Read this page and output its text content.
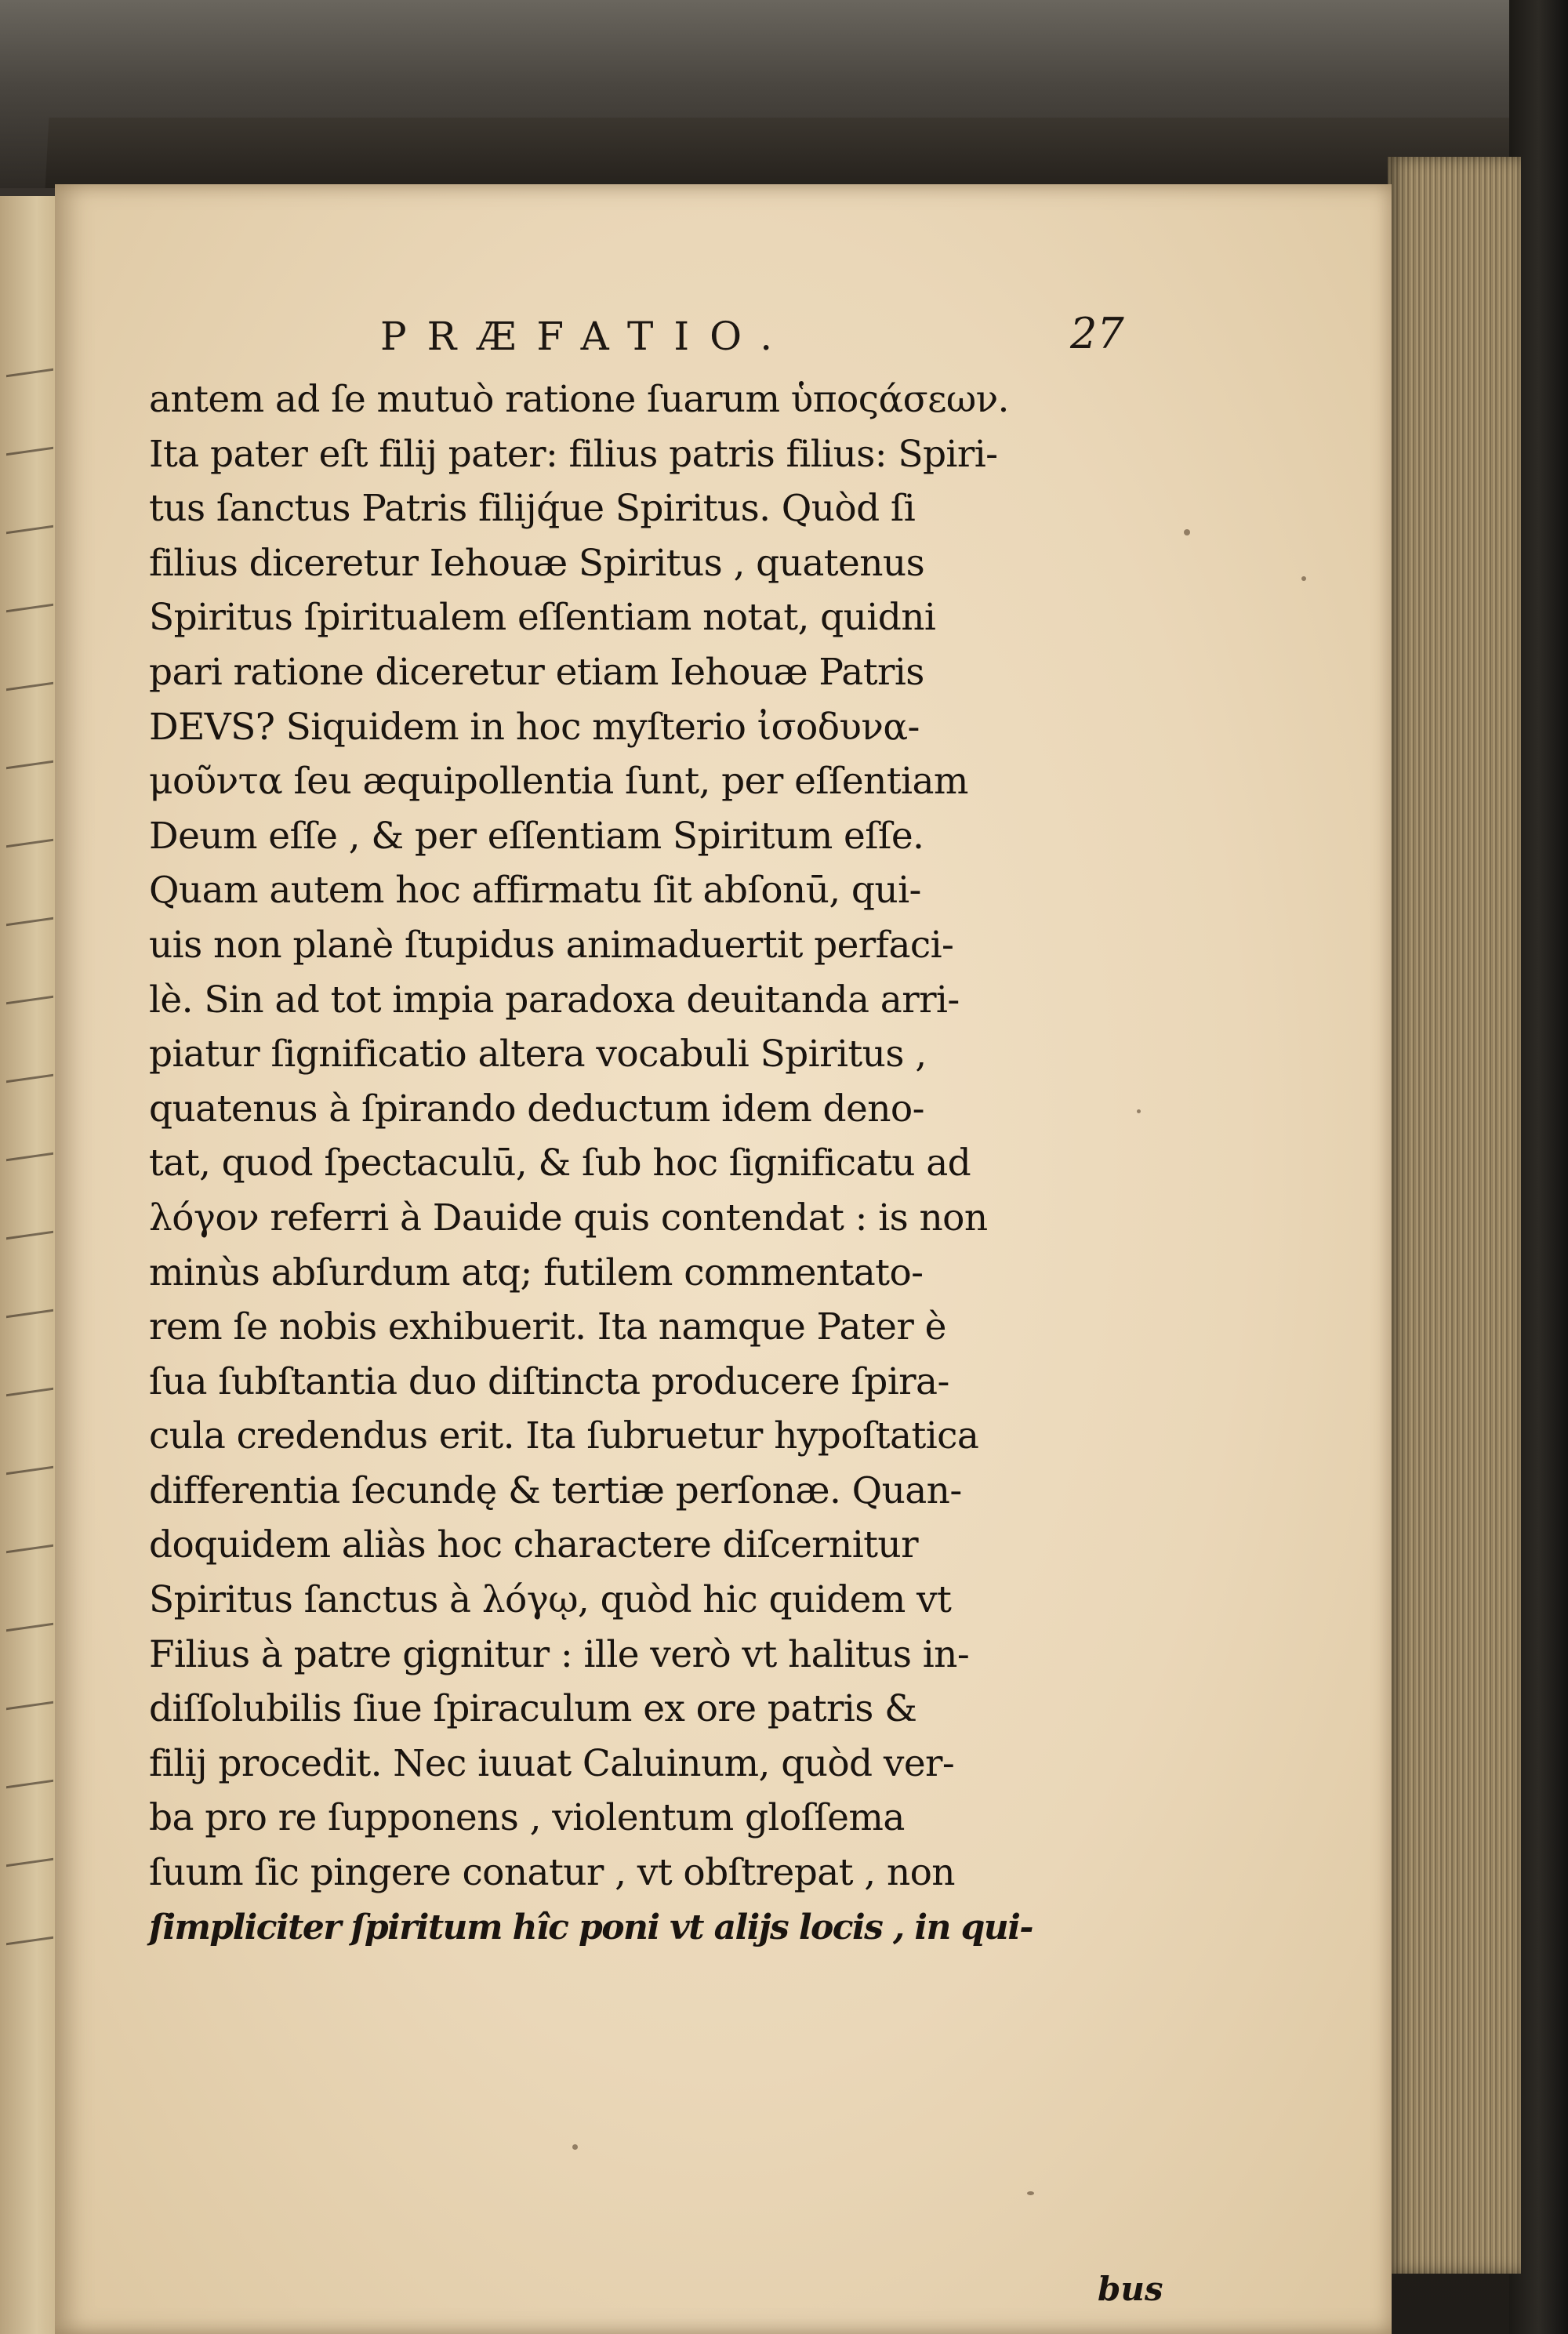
PRÆFATIO.	27
antem ad ſe mutuò ratione ſuarum ὑποςάσεων.
Ita pater eſt filij pater: filius patris filius: Spiri-
tus ſanctus Patris filijq́ue Spiritus. Quòd ſi
filius diceretur Iehouæ Spiritus , quatenus
Spiritus ſpiritualem eſſentiam notat, quidni
pari ratione diceretur etiam Iehouæ Patris
DEVS? Siquidem in hoc myſterio ἰσοδυνα-
μοῦντα ſeu æquipollentia ſunt, per eſſentiam
Deum eſſe , & per eſſentiam Spiritum eſſe.
Quam autem hoc affirmatu ſit abſonū, qui-
uis non planè ſtupidus animaduertit perfaci-
lè. Sin ad tot impia paradoxa deuitanda arri-
piatur ſignificatio altera vocabuli Spiritus ,
quatenus à ſpirando deductum idem deno-
tat, quod ſpectaculū, & ſub hoc ſignificatu ad
λόγον referri à Dauide quis contendat : is non
minùs abſurdum atq; futilem commentato-
rem ſe nobis exhibuerit. Ita namque Pater è
ſua ſubſtantia duo diſtincta producere ſpira-
cula credendus erit. Ita ſubruetur hypoſtatica
differentia ſecundę & tertiæ perſonæ. Quan-
doquidem aliàs hoc charactere diſcernitur
Spiritus ſanctus à λόγῳ, quòd hic quidem vt
Filius à patre gignitur : ille verò vt halitus in-
diſſolubilis ſiue ſpiraculum ex ore patris &
filij procedit. Nec iuuat Caluinum, quòd ver-
ba pro re ſupponens , violentum gloſſema
ſuum ſic pingere conatur , vt obſtrepat , non
ſimpliciter ſpiritum hîc poni vt alijs locis , in qui-
bus
